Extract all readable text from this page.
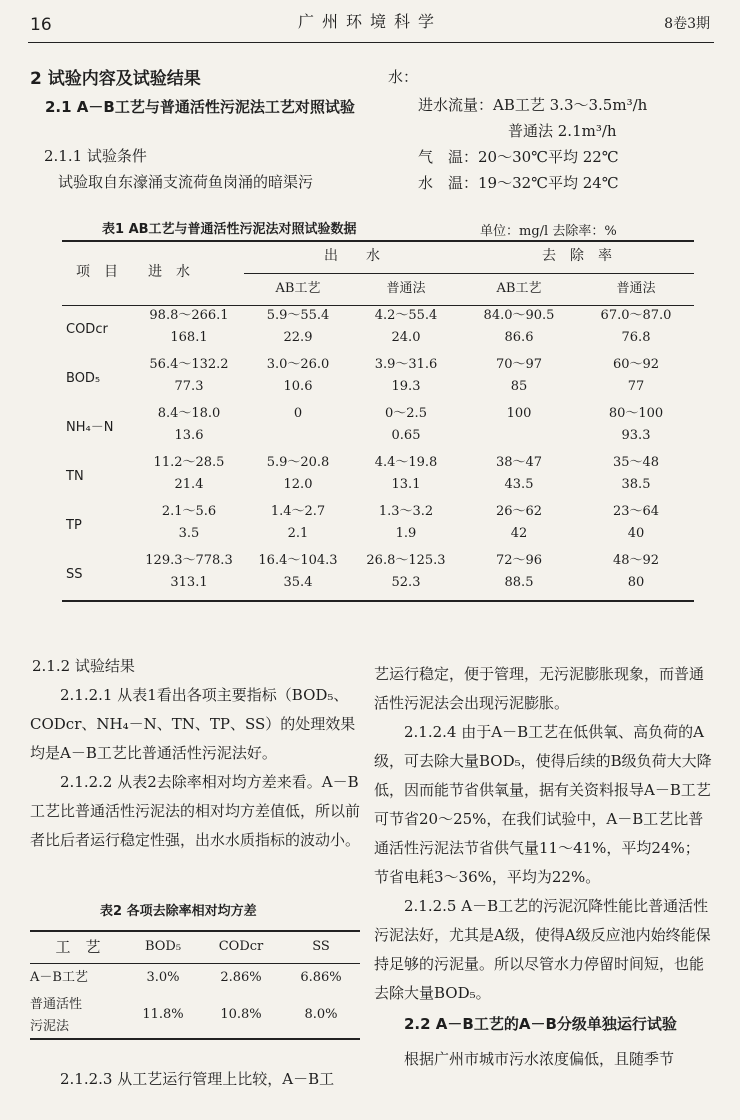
16	广州环境科学	8卷3期
2 试验内容及试验结果
2.1 A－B工艺与普通活性污泥法工艺对照试验
2.1.1 试验条件
试验取自东濠涌支流荷鱼岗涌的暗渠污
水：
进水流量：AB工艺 3.3～3.5m³/h
普通法 2.1m³/h
气　温：20～30℃平均 22℃
水　温：19～32℃平均 24℃
表1 AB工艺与普通活性污泥法对照试验数据	单位：mg/l 去除率：%
项　目 进　水		出　　水		去　除　率	
		AB工艺	普通法	AB工艺	普通法
CODcr	98.8～266.1	5.9～55.4	4.2～55.4	84.0～90.5	67.0～87.0
	168.1	22.9	24.0	86.6	76.8
BOD₅	56.4～132.2	3.0～26.0	3.9～31.6	70～97	60～92
	77.3	10.6	19.3	85	77
NH₄－N	8.4～18.0	0	0～2.5	100	80～100
	13.6		0.65		93.3
TN	11.2～28.5	5.9～20.8	4.4～19.8	38～47	35～48
	21.4	12.0	13.1	43.5	38.5
TP	2.1～5.6	1.4～2.7	1.3～3.2	26～62	23～64
	3.5	2.1	1.9	42	40
SS	129.3～778.3	16.4～104.3	26.8～125.3	72～96	48～92
	313.1	35.4	52.3	88.5	80

2.1.2 试验结果

2.1.2.1 从表1看出各项主要指标（BOD₅、CODcr、NH₄－N、TN、TP、SS）的处理效果均是A－B工艺比普通活性污泥法好。

2.1.2.2 从表2去除率相对均方差来看。A－B工艺比普通活性污泥法的相对均方差值低，所以前者比后者运行稳定性强，出水水质指标的波动小。

表2 各项去除率相对均方差
工　艺	BOD₅	CODcr	SS
A－B工艺	3.0%	2.86%	6.86%

普通活性
污泥法	11.8%	10.8%	8.0%

2.1.2.3 从工艺运行管理上比较，A－B工

艺运行稳定，便于管理，无污泥膨胀现象，而普通活性污泥法会出现污泥膨胀。

2.1.2.4 由于A－B工艺在低供氧、高负荷的A级，可去除大量BOD₅，使得后续的B级负荷大大降低，因而能节省供氧量，据有关资料报导A－B工艺可节省20～25%，在我们试验中，A－B工艺比普通活性污泥法节省供气量11～41%，平均24%；节省电耗3～36%，平均为22%。

2.1.2.5 A－B工艺的污泥沉降性能比普通活性污泥法好，尤其是A级，使得A级反应池内始终能保持足够的污泥量。所以尽管水力停留时间短，也能去除大量BOD₅。

2.2 A－B工艺的A－B分级单独运行试验

根据广州市城市污水浓度偏低，且随季节
